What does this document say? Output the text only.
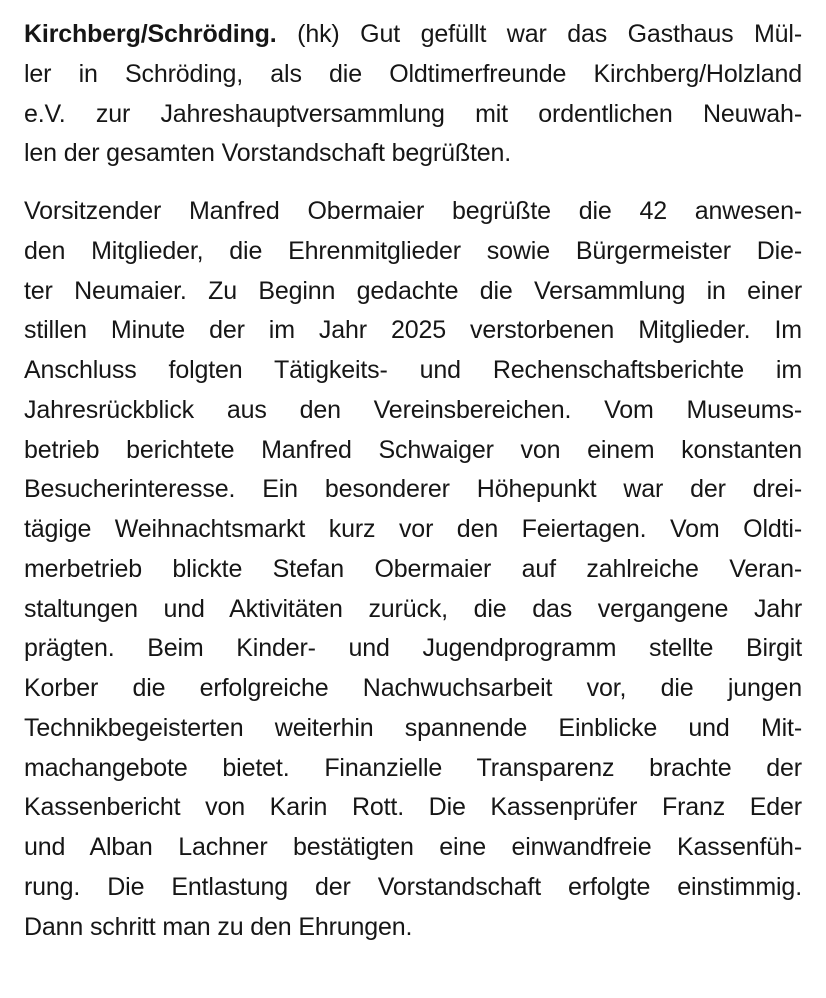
Kirchberg/Schröding. (hk) Gut gefüllt war das Gasthaus Mül-
ler in Schröding, als die Oldtimerfreunde Kirchberg/Holzland
e.V. zur Jahreshauptversammlung mit ordentlichen Neuwah-
len der gesamten Vorstandschaft begrüßten.
Vorsitzender Manfred Obermaier begrüßte die 42 anwesen-
den Mitglieder, die Ehrenmitglieder sowie Bürgermeister Die-
ter Neumaier. Zu Beginn gedachte die Versammlung in einer
stillen Minute der im Jahr 2025 verstorbenen Mitglieder. Im
Anschluss folgten Tätigkeits- und Rechenschaftsberichte im
Jahresrückblick aus den Vereinsbereichen. Vom Museums-
betrieb berichtete Manfred Schwaiger von einem konstanten
Besucherinteresse. Ein besonderer Höhepunkt war der drei-
tägige Weihnachtsmarkt kurz vor den Feiertagen. Vom Oldti-
merbetrieb blickte Stefan Obermaier auf zahlreiche Veran-
staltungen und Aktivitäten zurück, die das vergangene Jahr
prägten. Beim Kinder- und Jugendprogramm stellte Birgit
Korber die erfolgreiche Nachwuchsarbeit vor, die jungen
Technikbegeisterten weiterhin spannende Einblicke und Mit-
machangebote bietet. Finanzielle Transparenz brachte der
Kassenbericht von Karin Rott. Die Kassenprüfer Franz Eder
und Alban Lachner bestätigten eine einwandfreie Kassenfüh-
rung. Die Entlastung der Vorstandschaft erfolgte einstimmig.
Dann schritt man zu den Ehrungen.
